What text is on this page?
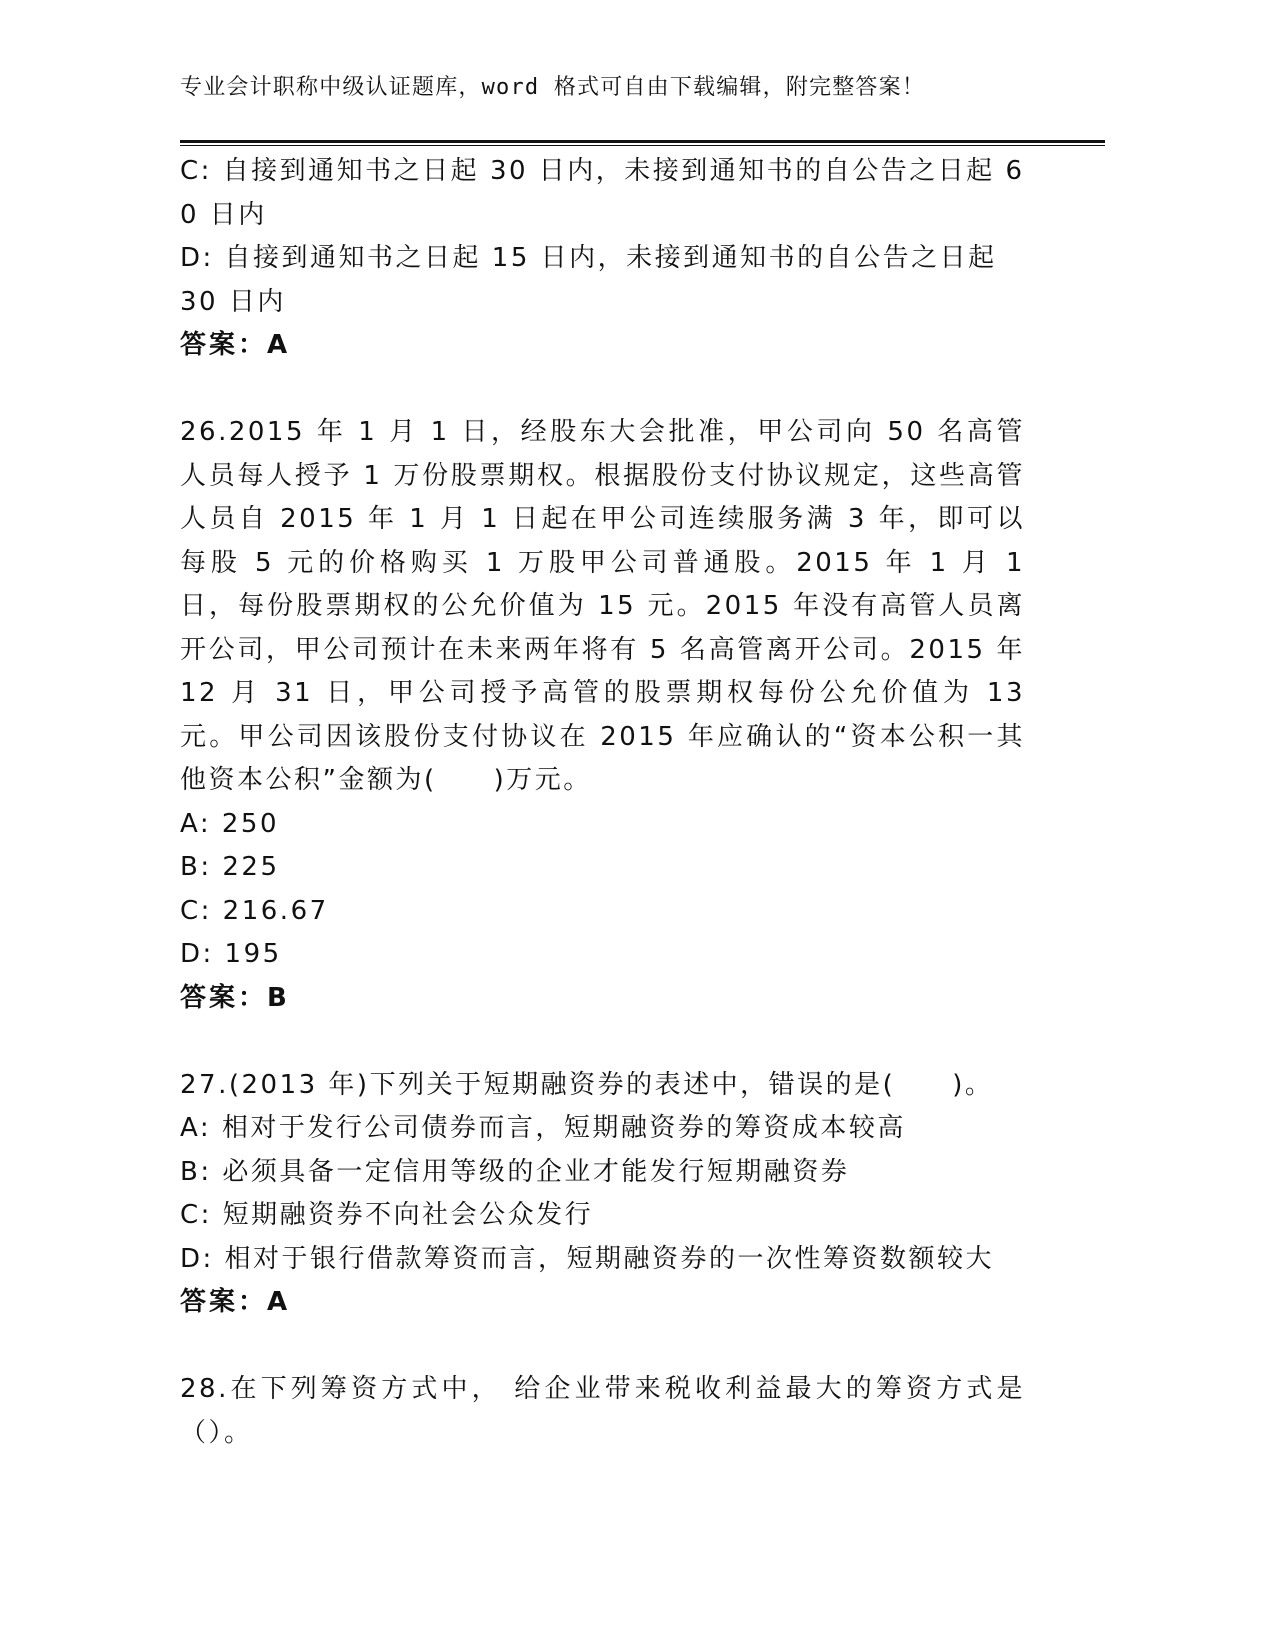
专业会计职称中级认证题库，word 格式可自由下载编辑，附完整答案！

C: 自接到通知书之日起 30 日内，未接到通知书的自公告之日起 60 日内

D: 自接到通知书之日起 15 日内，未接到通知书的自公告之日起 30 日内

答案：A

26.2015 年 1 月 1 日，经股东大会批准，甲公司向 50 名高管人员每人授予 1 万份股票期权。根据股份支付协议规定，这些高管人员自 2015 年 1 月 1 日起在甲公司连续服务满 3 年，即可以每股 5 元的价格购买 1 万股甲公司普通股。2015 年 1 月 1 日，每份股票期权的公允价值为 15 元。2015 年没有高管人员离开公司，甲公司预计在未来两年将有 5 名高管离开公司。2015 年 12 月 31 日，甲公司授予高管的股票期权每份公允价值为 13 元。甲公司因该股份支付协议在 2015 年应确认的“资本公积一其他资本公积”金额为(　　)万元。

A: 250

B: 225

C: 216.67

D: 195

答案：B

27.(2013 年)下列关于短期融资券的表述中，错误的是(　　)。

A: 相对于发行公司债券而言，短期融资券的筹资成本较高

B: 必须具备一定信用等级的企业才能发行短期融资券

C: 短期融资券不向社会公众发行

D: 相对于银行借款筹资而言，短期融资券的一次性筹资数额较大

答案：A

28.在下列筹资方式中， 给企业带来税收利益最大的筹资方式是（）。
